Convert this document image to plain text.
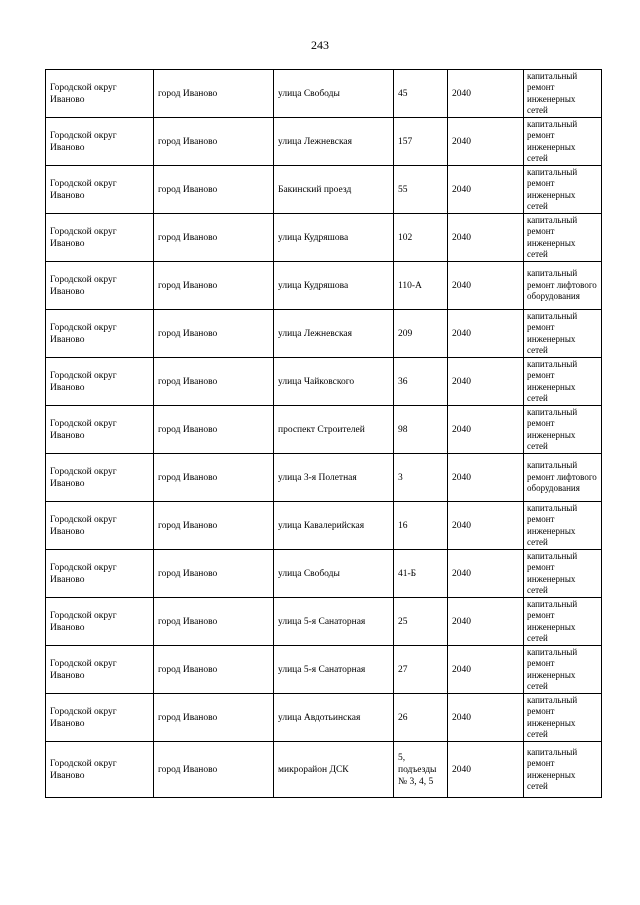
243
Городской округ Иваново	город Иваново	улица Свободы	45	2040	капитальный ремонт инженерных сетей
Городской округ Иваново	город Иваново	улица Лежневская	157	2040	капитальный ремонт инженерных сетей
Городской округ Иваново	город Иваново	Бакинский проезд	55	2040	капитальный ремонт инженерных сетей
Городской округ Иваново	город Иваново	улица Кудряшова	102	2040	капитальный ремонт инженерных сетей
Городской округ Иваново	город Иваново	улица Кудряшова	110-А	2040	капитальный ремонт лифтового оборудования
Городской округ Иваново	город Иваново	улица Лежневская	209	2040	капитальный ремонт инженерных сетей
Городской округ Иваново	город Иваново	улица Чайковского	36	2040	капитальный ремонт инженерных сетей
Городской округ Иваново	город Иваново	проспект Строителей	98	2040	капитальный ремонт инженерных сетей
Городской округ Иваново	город Иваново	улица 3-я Полетная	3	2040	капитальный ремонт лифтового оборудования
Городской округ Иваново	город Иваново	улица Кавалерийская	16	2040	капитальный ремонт инженерных сетей
Городской округ Иваново	город Иваново	улица Свободы	41-Б	2040	капитальный ремонт инженерных сетей
Городской округ Иваново	город Иваново	улица 5-я Санаторная	25	2040	капитальный ремонт инженерных сетей
Городской округ Иваново	город Иваново	улица 5-я Санаторная	27	2040	капитальный ремонт инженерных сетей
Городской округ Иваново	город Иваново	улица Авдотьинская	26	2040	капитальный ремонт инженерных сетей
Городской округ Иваново	город Иваново	микрорайон ДСК	5, подъезды № 3, 4, 5	2040	капитальный ремонт инженерных сетей
